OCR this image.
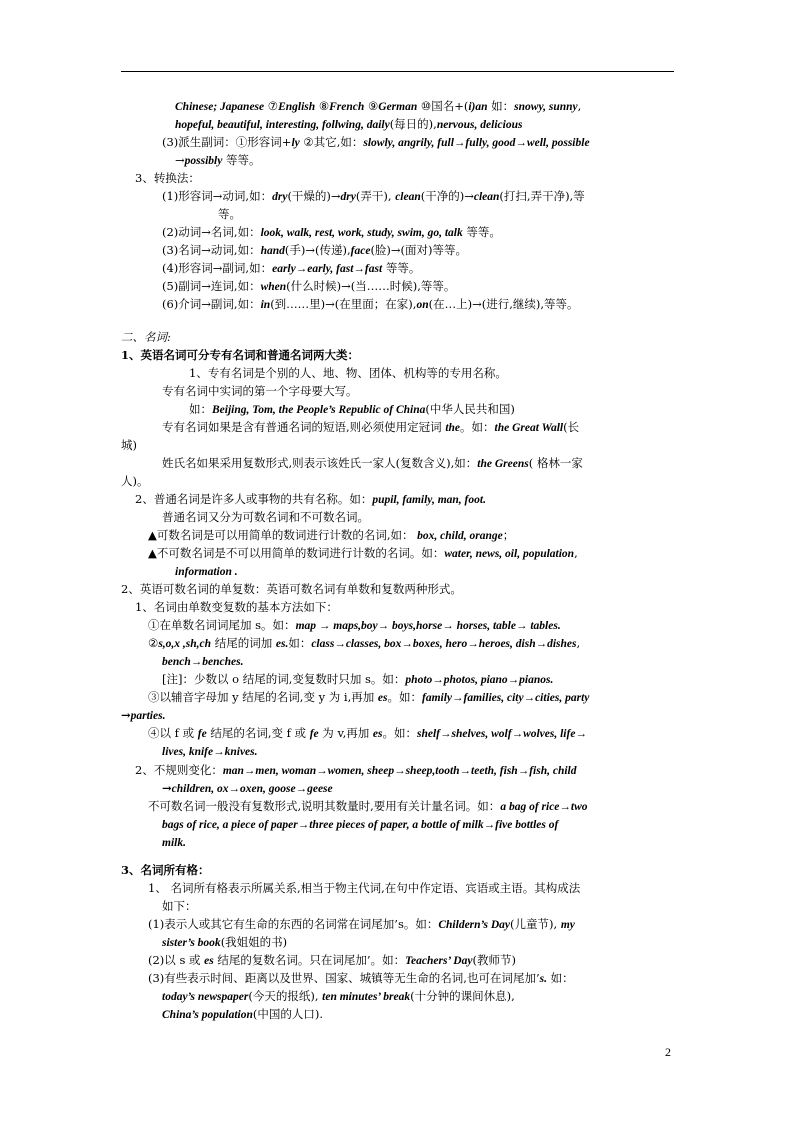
Chinese; Japanese ⑦English ⑧French ⑨German ⑩国名+(i)an 如：snowy, sunny,
hopeful, beautiful, interesting, follwing, daily(每日的),nervous, delicious
(3)派生副词：①形容词+ly ②其它,如：slowly, angrily, full→fully, good→well, possible
→possibly 等等。
3、转换法：
(1)形容词→动词,如：dry(干燥的)→dry(弄干), clean(干净的)→clean(打扫,弄干净),等
等。
(2)动词→名词,如：look, walk, rest, work, study, swim, go, talk 等等。
(3)名词→动词,如：hand(手)→(传递),face(脸)→(面对)等等。
(4)形容词→副词,如：early→early, fast→fast 等等。
(5)副词→连词,如：when(什么时候)→(当……时候),等等。
(6)介词→副词,如：in(到……里)→(在里面；在家),on(在…上)→(进行,继续),等等。
二、名词:
1、英语名词可分专有名词和普通名词两大类：
1、专有名词是个别的人、地、物、团体、机构等的专用名称。
专有名词中实词的第一个字母要大写。
如：Beijing, Tom, the People’s Republic of China(中华人民共和国)
专有名词如果是含有普通名词的短语,则必须使用定冠词 the。如：the Great Wall(长
城)
姓氏名如果采用复数形式,则表示该姓氏一家人(复数含义),如：the Greens( 格林一家
人)。
2、普通名词是许多人或事物的共有名称。如：pupil, family, man, foot.
普通名词又分为可数名词和不可数名词。
▲可数名词是可以用简单的数词进行计数的名词,如： box, child, orange；
▲不可数名词是不可以用简单的数词进行计数的名词。如：water, news, oil, population,
information .
2、英语可数名词的单复数：英语可数名词有单数和复数两种形式。
1、名词由单数变复数的基本方法如下：
①在单数名词词尾加 s。如：map → maps,boy→ boys,horse→ horses, table→ tables.
②s,o,x ,sh,ch 结尾的词加 es.如：class→classes, box→boxes, hero→heroes, dish→dishes,
bench→benches.
[注]：少数以 o 结尾的词,变复数时只加 s。如：photo→photos, piano→pianos.
③以辅音字母加 y 结尾的名词,变 y 为 i,再加 es。如：family→families, city→cities, party
→parties.
④以 f 或 fe 结尾的名词,变 f 或 fe 为 v,再加 es。如：shelf→shelves, wolf→wolves, life→
lives, knife→knives.
2、不规则变化：man→men, woman→women, sheep→sheep,tooth→teeth, fish→fish, child
→children, ox→oxen, goose→geese
不可数名词一般没有复数形式,说明其数量时,要用有关计量名词。如：a bag of rice→two
bags of rice, a piece of paper→three pieces of paper, a bottle of milk→five bottles of
milk.
3、名词所有格：
1、 名词所有格表示所属关系,相当于物主代词,在句中作定语、宾语或主语。其构成法
如下：
(1)表示人或其它有生命的东西的名词常在词尾加’s。如：Childern’s Day(儿童节), my
sister’s book(我姐姐的书)
(2)以 s 或 es 结尾的复数名词。只在词尾加’。如：Teachers’ Day(教师节)
(3)有些表示时间、距离以及世界、国家、城镇等无生命的名词,也可在词尾加’s. 如：
today’s newspaper(今天的报纸), ten minutes’ break(十分钟的课间休息),
China’s population(中国的人口).
2
